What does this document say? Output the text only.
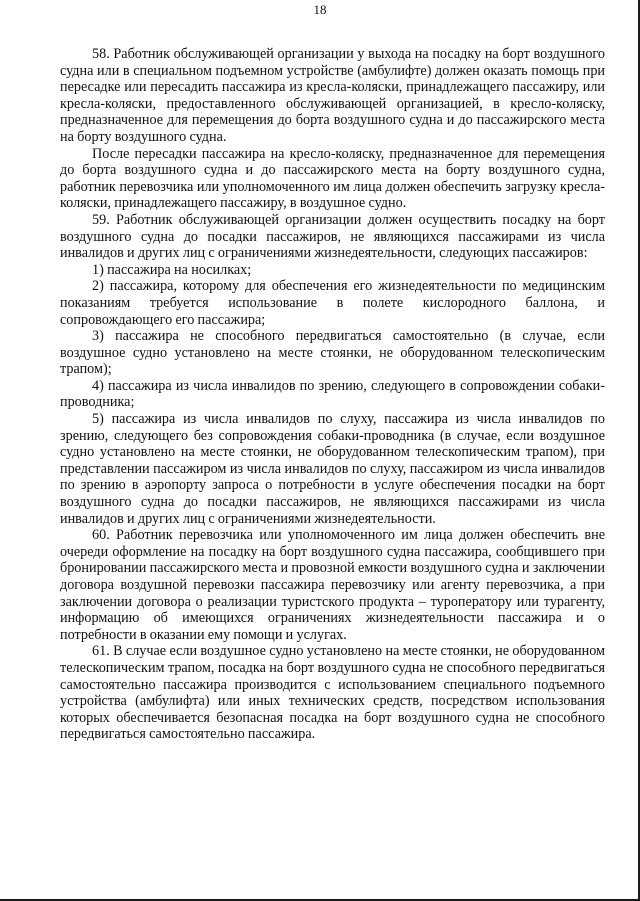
18

58. Работник обслуживающей организации у выхода на посадку на борт воздушного судна или в специальном подъемном устройстве (амбулифте) должен оказать помощь при пересадке или пересадить пассажира из кресла-коляски, принадлежащего пассажиру, или кресла-коляски, предоставленного обслуживающей организацией, в кресло-коляску, предназначенное для перемещения до борта воздушного судна и до пассажирского места на борту воздушного судна.

После пересадки пассажира на кресло-коляску, предназначенное для перемещения до борта воздушного судна и до пассажирского места на борту воздушного судна, работник перевозчика или уполномоченного им лица должен обеспечить загрузку кресла-коляски, принадлежащего пассажиру, в воздушное судно.

59. Работник обслуживающей организации должен осуществить посадку на борт воздушного судна до посадки пассажиров, не являющихся пассажирами из числа инвалидов и других лиц с ограничениями жизнедеятельности, следующих пассажиров:

1) пассажира на носилках;

2) пассажира, которому для обеспечения его жизнедеятельности по медицинским показаниям требуется использование в полете кислородного баллона, и сопровождающего его пассажира;

3) пассажира не способного передвигаться самостоятельно (в случае, если воздушное судно установлено на месте стоянки, не оборудованном телескопическим трапом);

4) пассажира из числа инвалидов по зрению, следующего в сопровождении собаки-проводника;

5) пассажира из числа инвалидов по слуху, пассажира из числа инвалидов по зрению, следующего без сопровождения собаки-проводника (в случае, если воздушное судно установлено на месте стоянки, не оборудованном телескопическим трапом), при представлении пассажиром из числа инвалидов по слуху, пассажиром из числа инвалидов по зрению в аэропорту запроса о потребности в услуге обеспечения посадки на борт воздушного судна до посадки пассажиров, не являющихся пассажирами из числа инвалидов и других лиц с ограничениями жизнедеятельности.

60. Работник перевозчика или уполномоченного им лица должен обеспечить вне очереди оформление на посадку на борт воздушного судна пассажира, сообщившего при бронировании пассажирского места и провозной емкости воздушного судна и заключении договора воздушной перевозки пассажира перевозчику или агенту перевозчика, а при заключении договора о реализации туристского продукта – туроператору или турагенту, информацию об имеющихся ограничениях жизнедеятельности пассажира и о потребности в оказании ему помощи и услугах.

61. В случае если воздушное судно установлено на месте стоянки, не оборудованном телескопическим трапом, посадка на борт воздушного судна не способного передвигаться самостоятельно пассажира производится с использованием специального подъемного устройства (амбулифта) или иных технических средств, посредством использования которых обеспечивается безопасная посадка на борт воздушного судна не способного передвигаться самостоятельно пассажира.
